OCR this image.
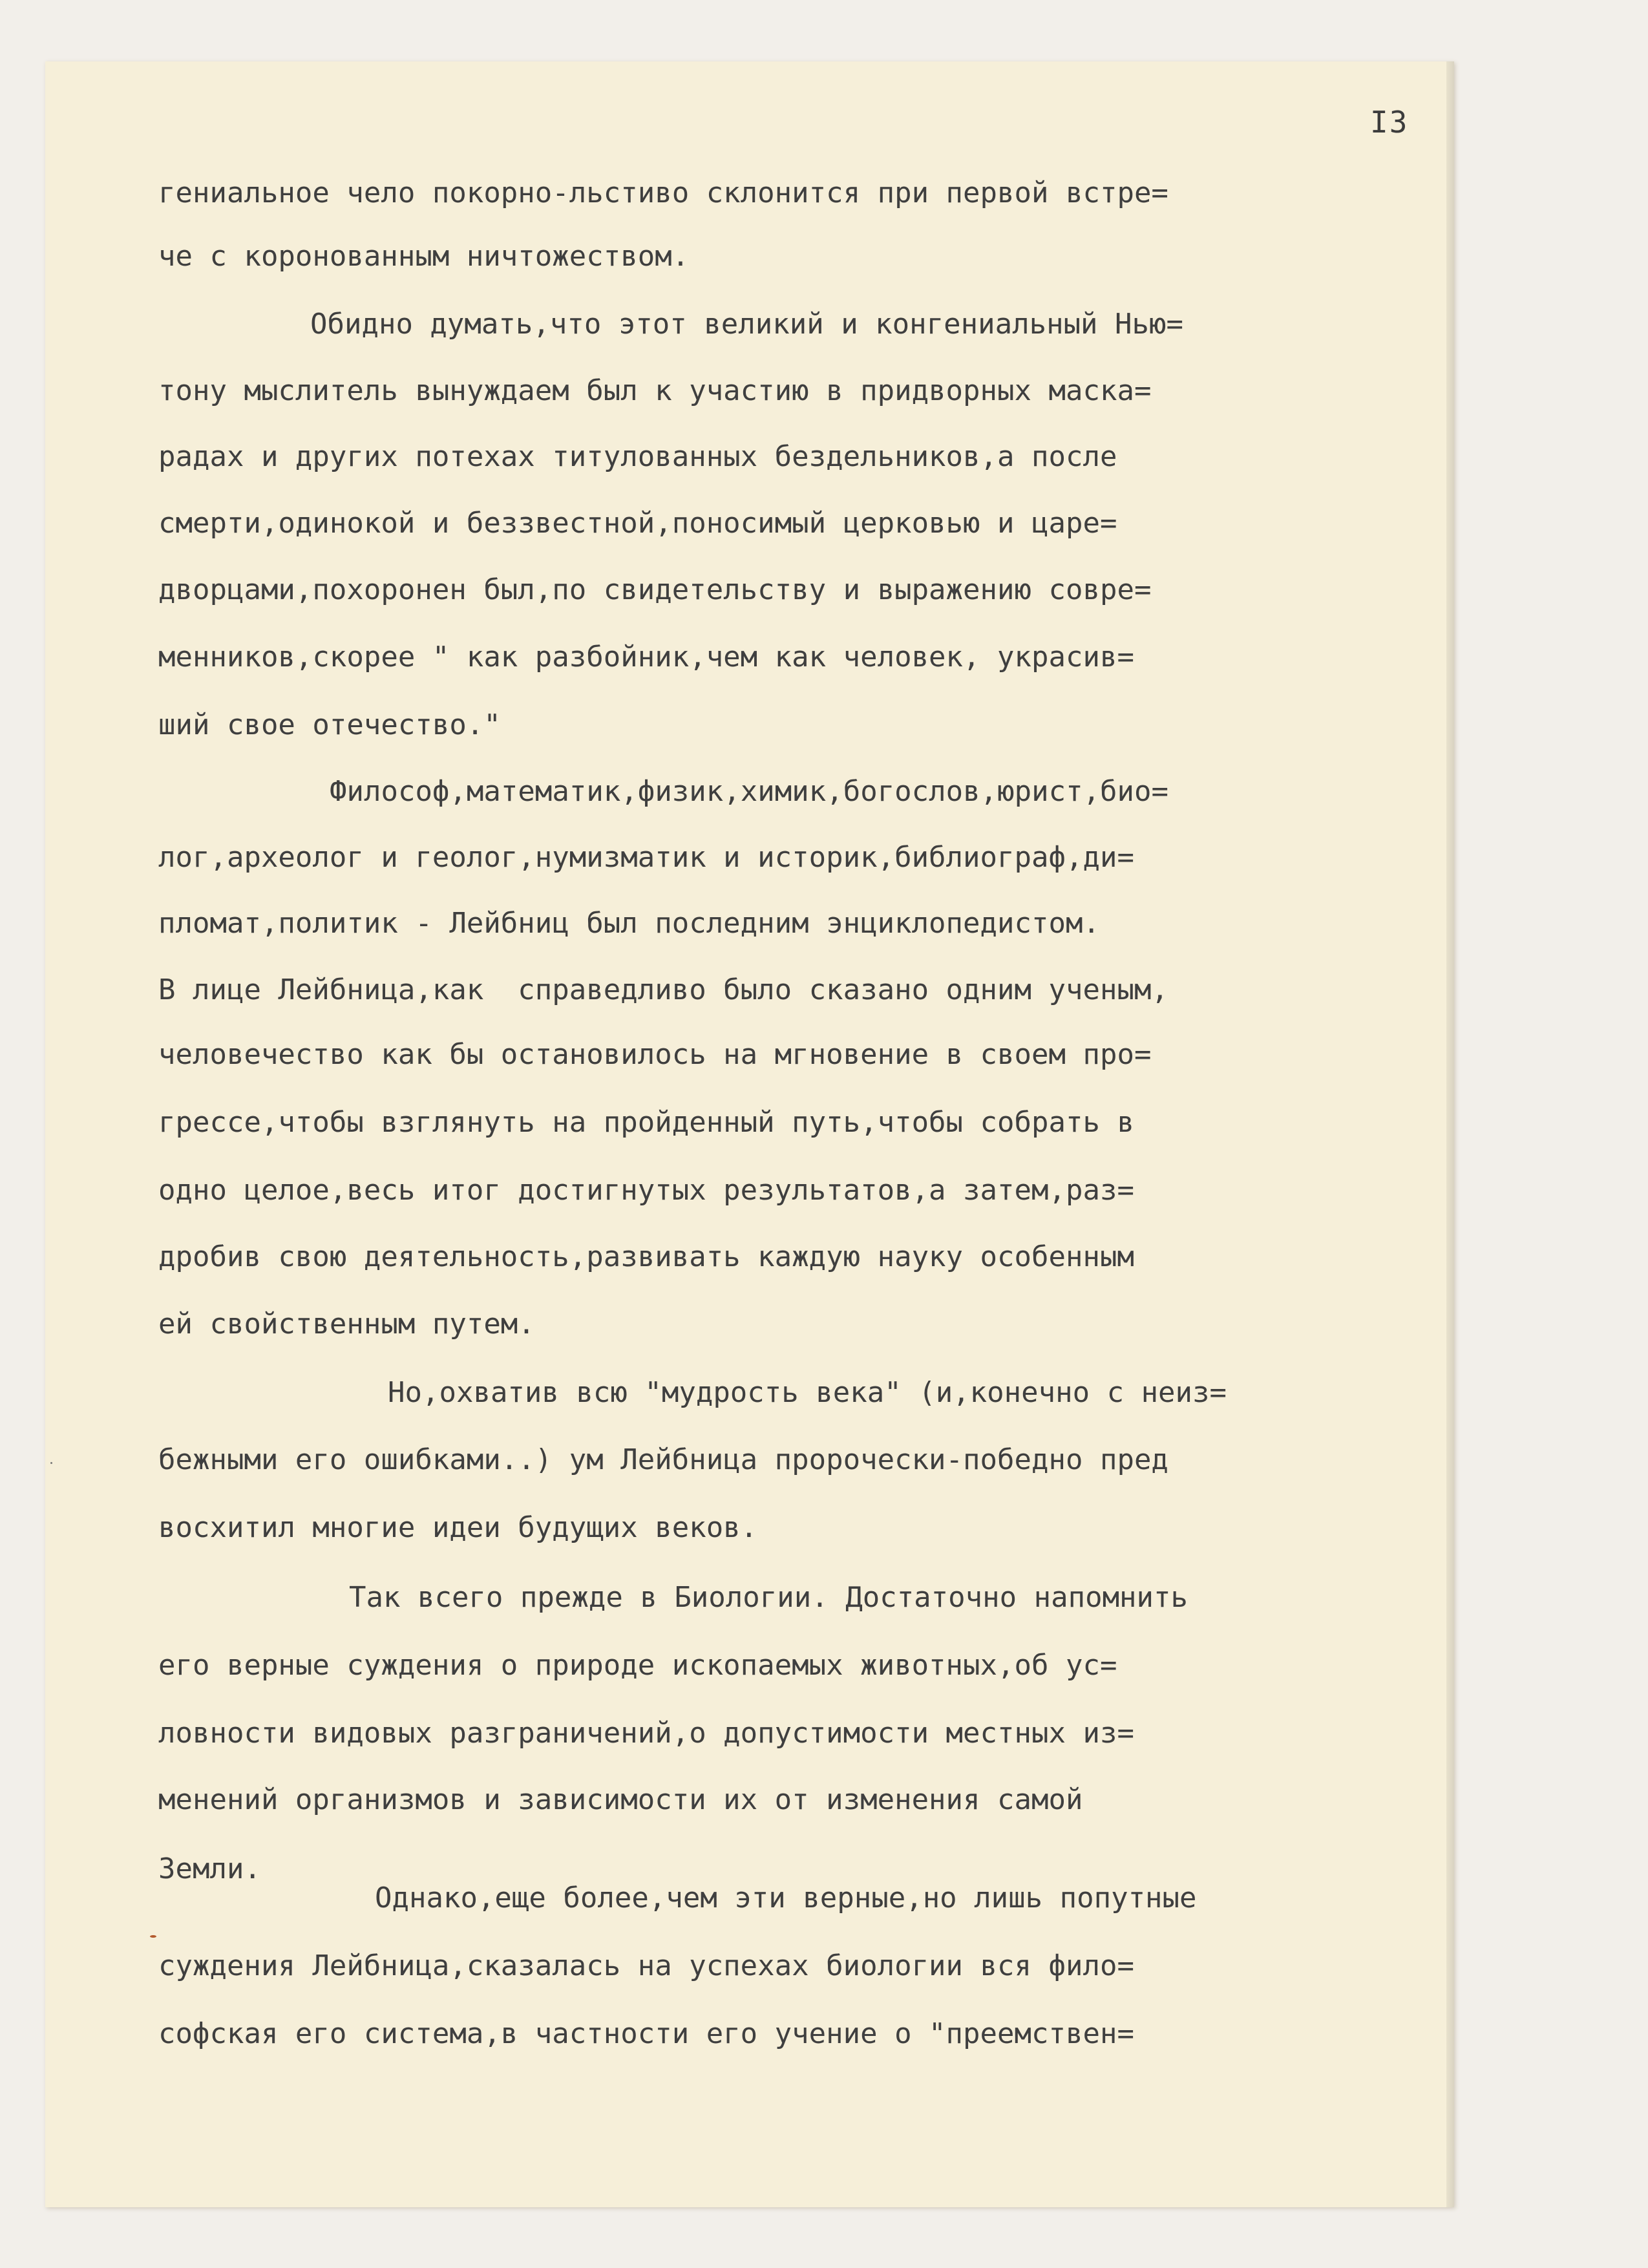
I3
гениальное чело покорно-льстиво склонится при первой встре=
че с коронованным ничтожеством.
Обидно думать,что этот великий и конгениальный Нью=
тону мыслитель вынуждаем был к участию в придворных маска=
радах и других потехах титулованных бездельников,а после
смерти,одинокой и беззвестной,поносимый церковью и царе=
дворцами,похоронен был,по свидетельству и выражению совре=
менников,скорее " как разбойник,чем как человек, украсив=
ший свое отечество."
Философ,математик,физик,химик,богослов,юрист,био=
лог,археолог и геолог,нумизматик и историк,библиограф,ди=
пломат,политик - Лейбниц был последним энциклопедистом.
В лице Лейбница,как  справедливо было сказано одним ученым,
человечество как бы остановилось на мгновение в своем про=
грессе,чтобы взглянуть на пройденный путь,чтобы собрать в
одно целое,весь итог достигнутых результатов,а затем,раз=
дробив свою деятельность,развивать каждую науку особенным
ей свойственным путем.
Но,охватив всю "мудрость века" (и,конечно с неиз=
бежными его ошибками..) ум Лейбница пророчески-победно пред
восхитил многие идеи будущих веков.
Так всего прежде в Биологии. Достаточно напомнить
его верные суждения о природе ископаемых животных,об ус=
ловности видовых разграничений,о допустимости местных из=
менений организмов и зависимости их от изменения самой
Земли.
Однако,еще более,чем эти верные,но лишь попутные
суждения Лейбница,сказалась на успехах биологии вся фило=
софская его система,в частности его учение о "преемствен=
